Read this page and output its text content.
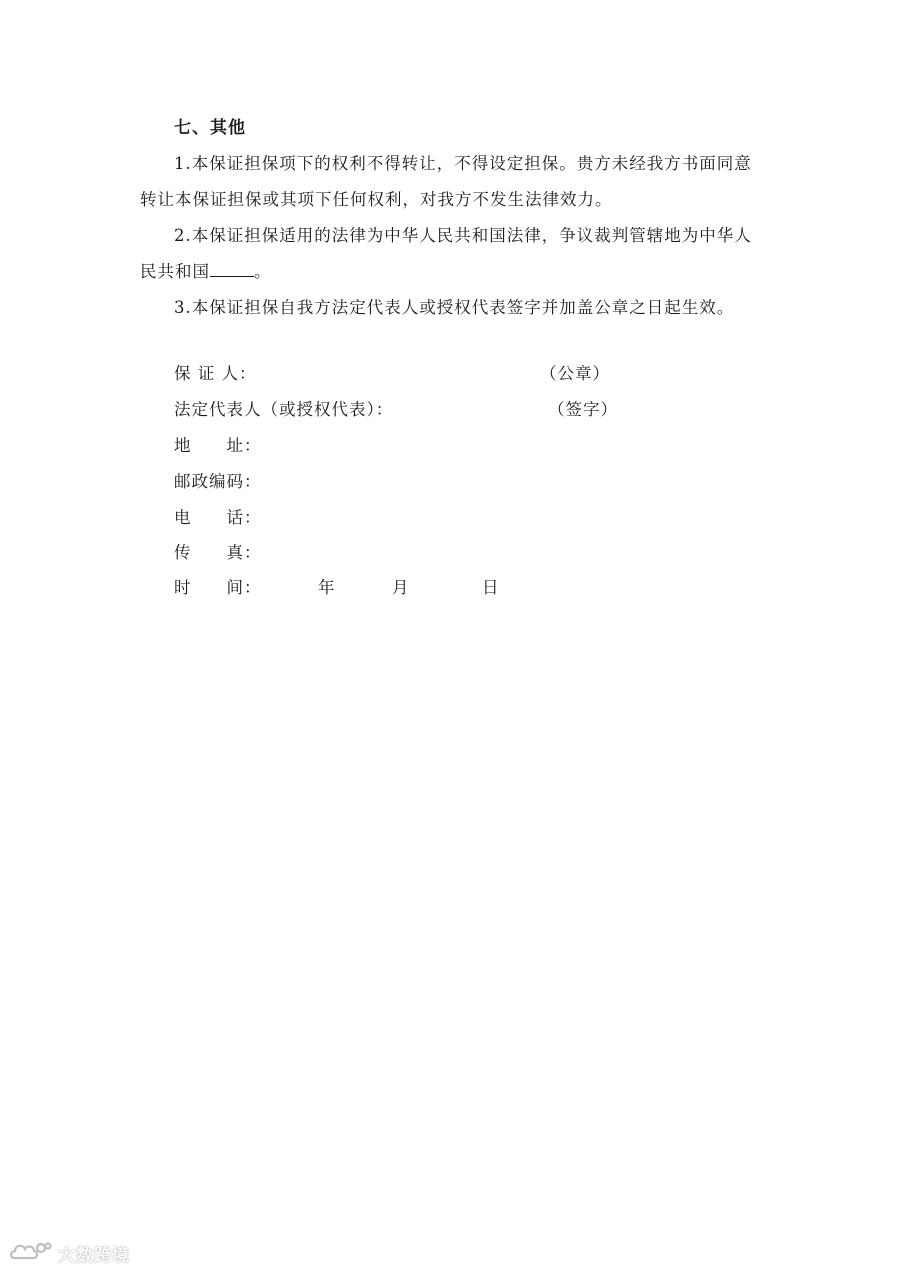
七、其他
1.本保证担保项下的权利不得转让，不得设定担保。贵方未经我方书面同意转让本保证担保或其项下任何权利，对我方不发生法律效力。
2.本保证担保适用的法律为中华人民共和国法律，争议裁判管辖地为中华人民共和国	。
3.本保证担保自我方法定代表人或授权代表签字并加盖公章之日起生效。
保 证 人：	（公章）
法定代表人（或授权代表）：	（签字）
地　　址：
邮政编码：
电　　话：
传　　真：
时　　间：	年	月	日
大数跨境
